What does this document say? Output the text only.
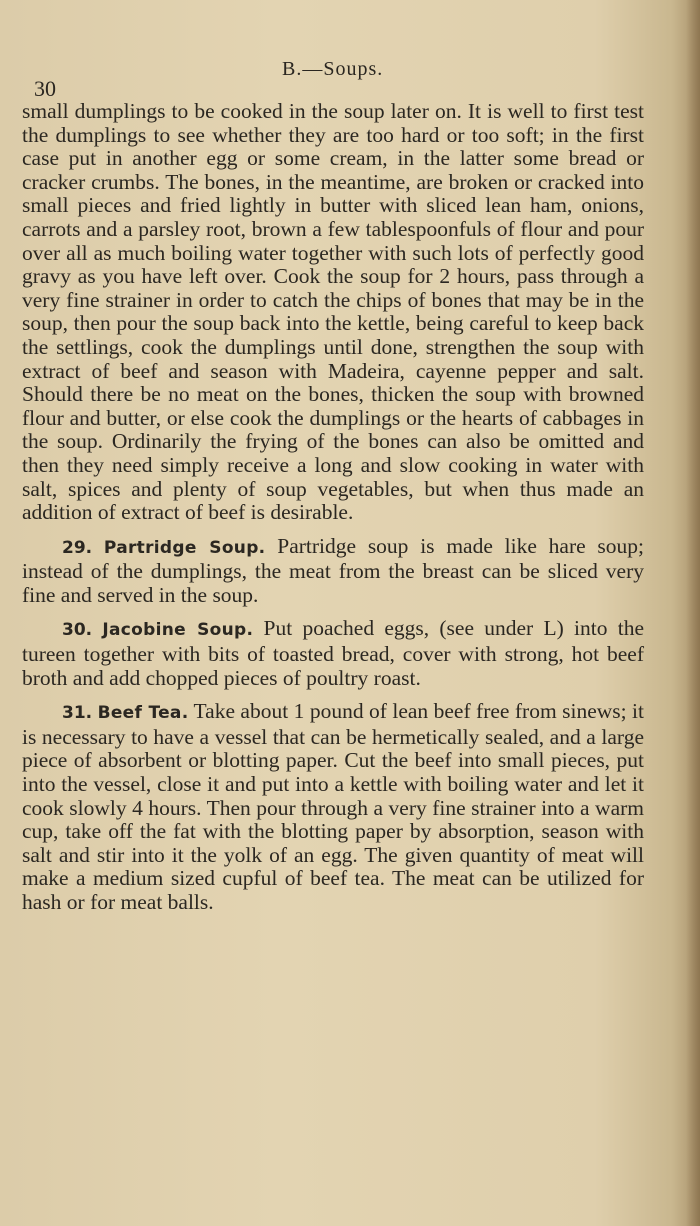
30
B.—Soups.

small dumplings to be cooked in the soup later on. It is well to first test the dumplings to see whether they are too hard or too soft; in the first case put in another egg or some cream, in the latter some bread or cracker crumbs. The bones, in the meantime, are broken or cracked into small pieces and fried lightly in butter with sliced lean ham, onions, carrots and a parsley root, brown a few tablespoonfuls of flour and pour over all as much boiling water together with such lots of perfectly good gravy as you have left over. Cook the soup for 2 hours, pass through a very fine strainer in order to catch the chips of bones that may be in the soup, then pour the soup back into the kettle, being careful to keep back the settlings, cook the dumplings until done, strengthen the soup with extract of beef and season with Madeira, cayenne pepper and salt. Should there be no meat on the bones, thicken the soup with browned flour and butter, or else cook the dumplings or the hearts of cabbages in the soup. Ordinarily the frying of the bones can also be omitted and then they need simply receive a long and slow cooking in water with salt, spices and plenty of soup vegetables, but when thus made an addition of extract of beef is desirable.

29. Partridge Soup. Partridge soup is made like hare soup; instead of the dumplings, the meat from the breast can be sliced very fine and served in the soup.

30. Jacobine Soup. Put poached eggs, (see under L) into the tureen together with bits of toasted bread, cover with strong, hot beef broth and add chopped pieces of poultry roast.

31. Beef Tea. Take about 1 pound of lean beef free from sinews; it is necessary to have a vessel that can be hermetically sealed, and a large piece of absorbent or blotting paper. Cut the beef into small pieces, put into the vessel, close it and put into a kettle with boiling water and let it cook slowly 4 hours. Then pour through a very fine strainer into a warm cup, take off the fat with the blotting paper by absorption, season with salt and stir into it the yolk of an egg. The given quantity of meat will make a medium sized cupful of beef tea. The meat can be utilized for hash or for meat balls.
